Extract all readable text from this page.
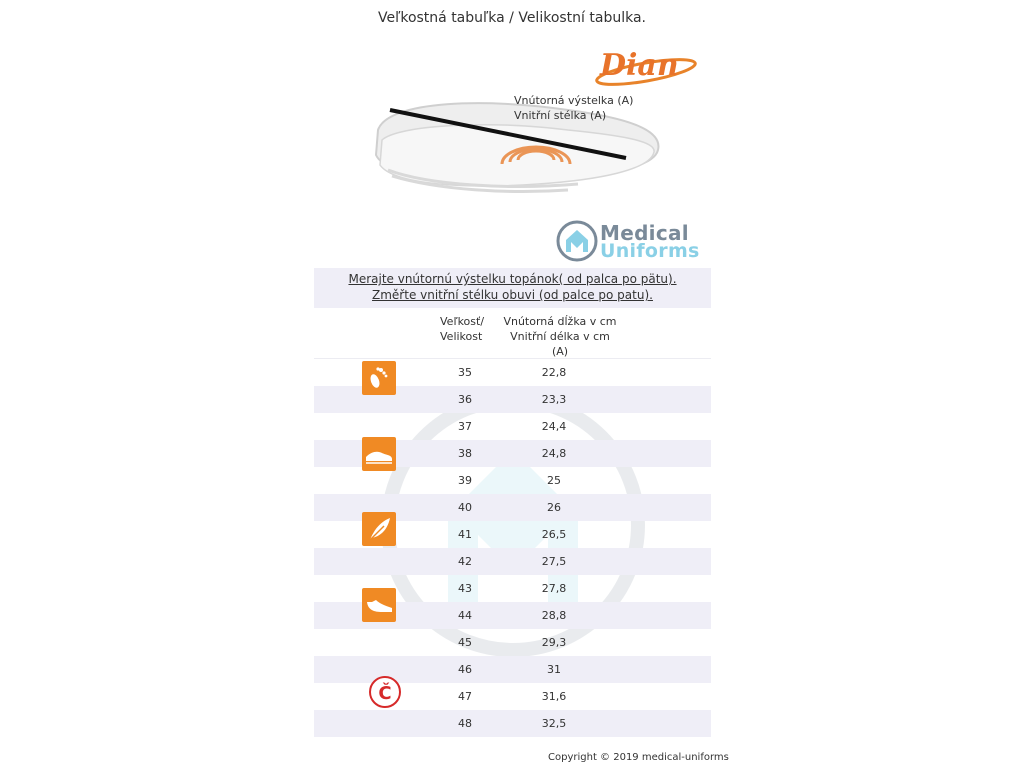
Veľkostná tabuľka / Velikostní tabulka.
Dian
Vnútorná výstelka (A)
Vnitřní stélka (A)
Medical
Uniforms
Merajte vnútornú výstelku topánok( od palca po pätu).
Změřte vnitřní stélku obuvi (od palce po patu).
Veľkosť/
Velikost
Vnútorná dĺžka v cm
Vnitřní délka v cm
(A)
35	22,8
36	23,3
37	24,4
38	24,8
39	25
40	26
41	26,5
42	27,5
43	27,8
44	28,8
45	29,3
46	31
47	31,6
48	32,5
Č
Copyright © 2019 medical-uniforms
